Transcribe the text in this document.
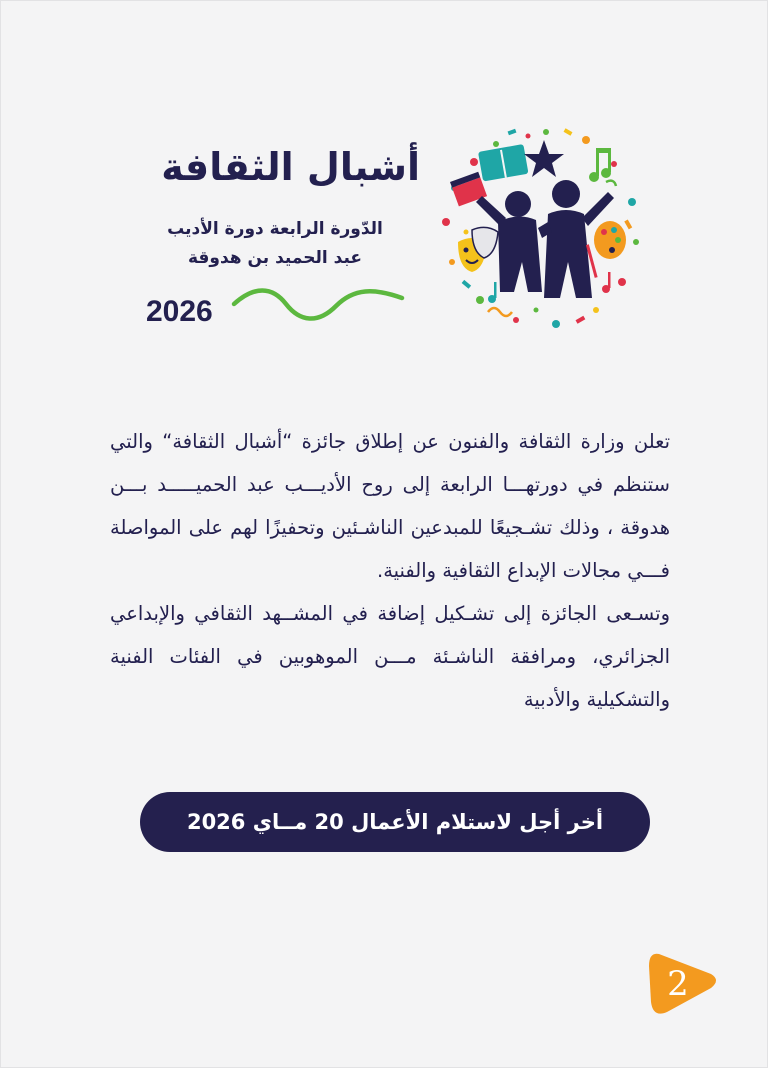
أشبال الثقافة
الدّورة الرابعة دورة الأديب
عبد الحميد بن هدوقة
2026

تعلن وزارة الثقافة والفنون عن إطلاق جائزة “أشبال الثقافة“ والتي ستنظم في دورتهـــا الرابعة إلى روح الأديـــب عبد الحميـــــد بـــن هدوقة ، وذلك تشـجيعًا للمبدعين الناشـئين وتحفيزًا لهم على المواصلة فـــي مجالات الإبداع الثقافية والفنية.

وتسـعى الجائزة إلى تشـكيل إضافة في المشــهد الثقافي والإبداعي الجزائري، ومرافقة الناشـئة مـــن الموهوبين في الفئات الفنية والتشكيلية والأدبية

أخر أجل لاستلام الأعمال 20 مــاي 2026
2
